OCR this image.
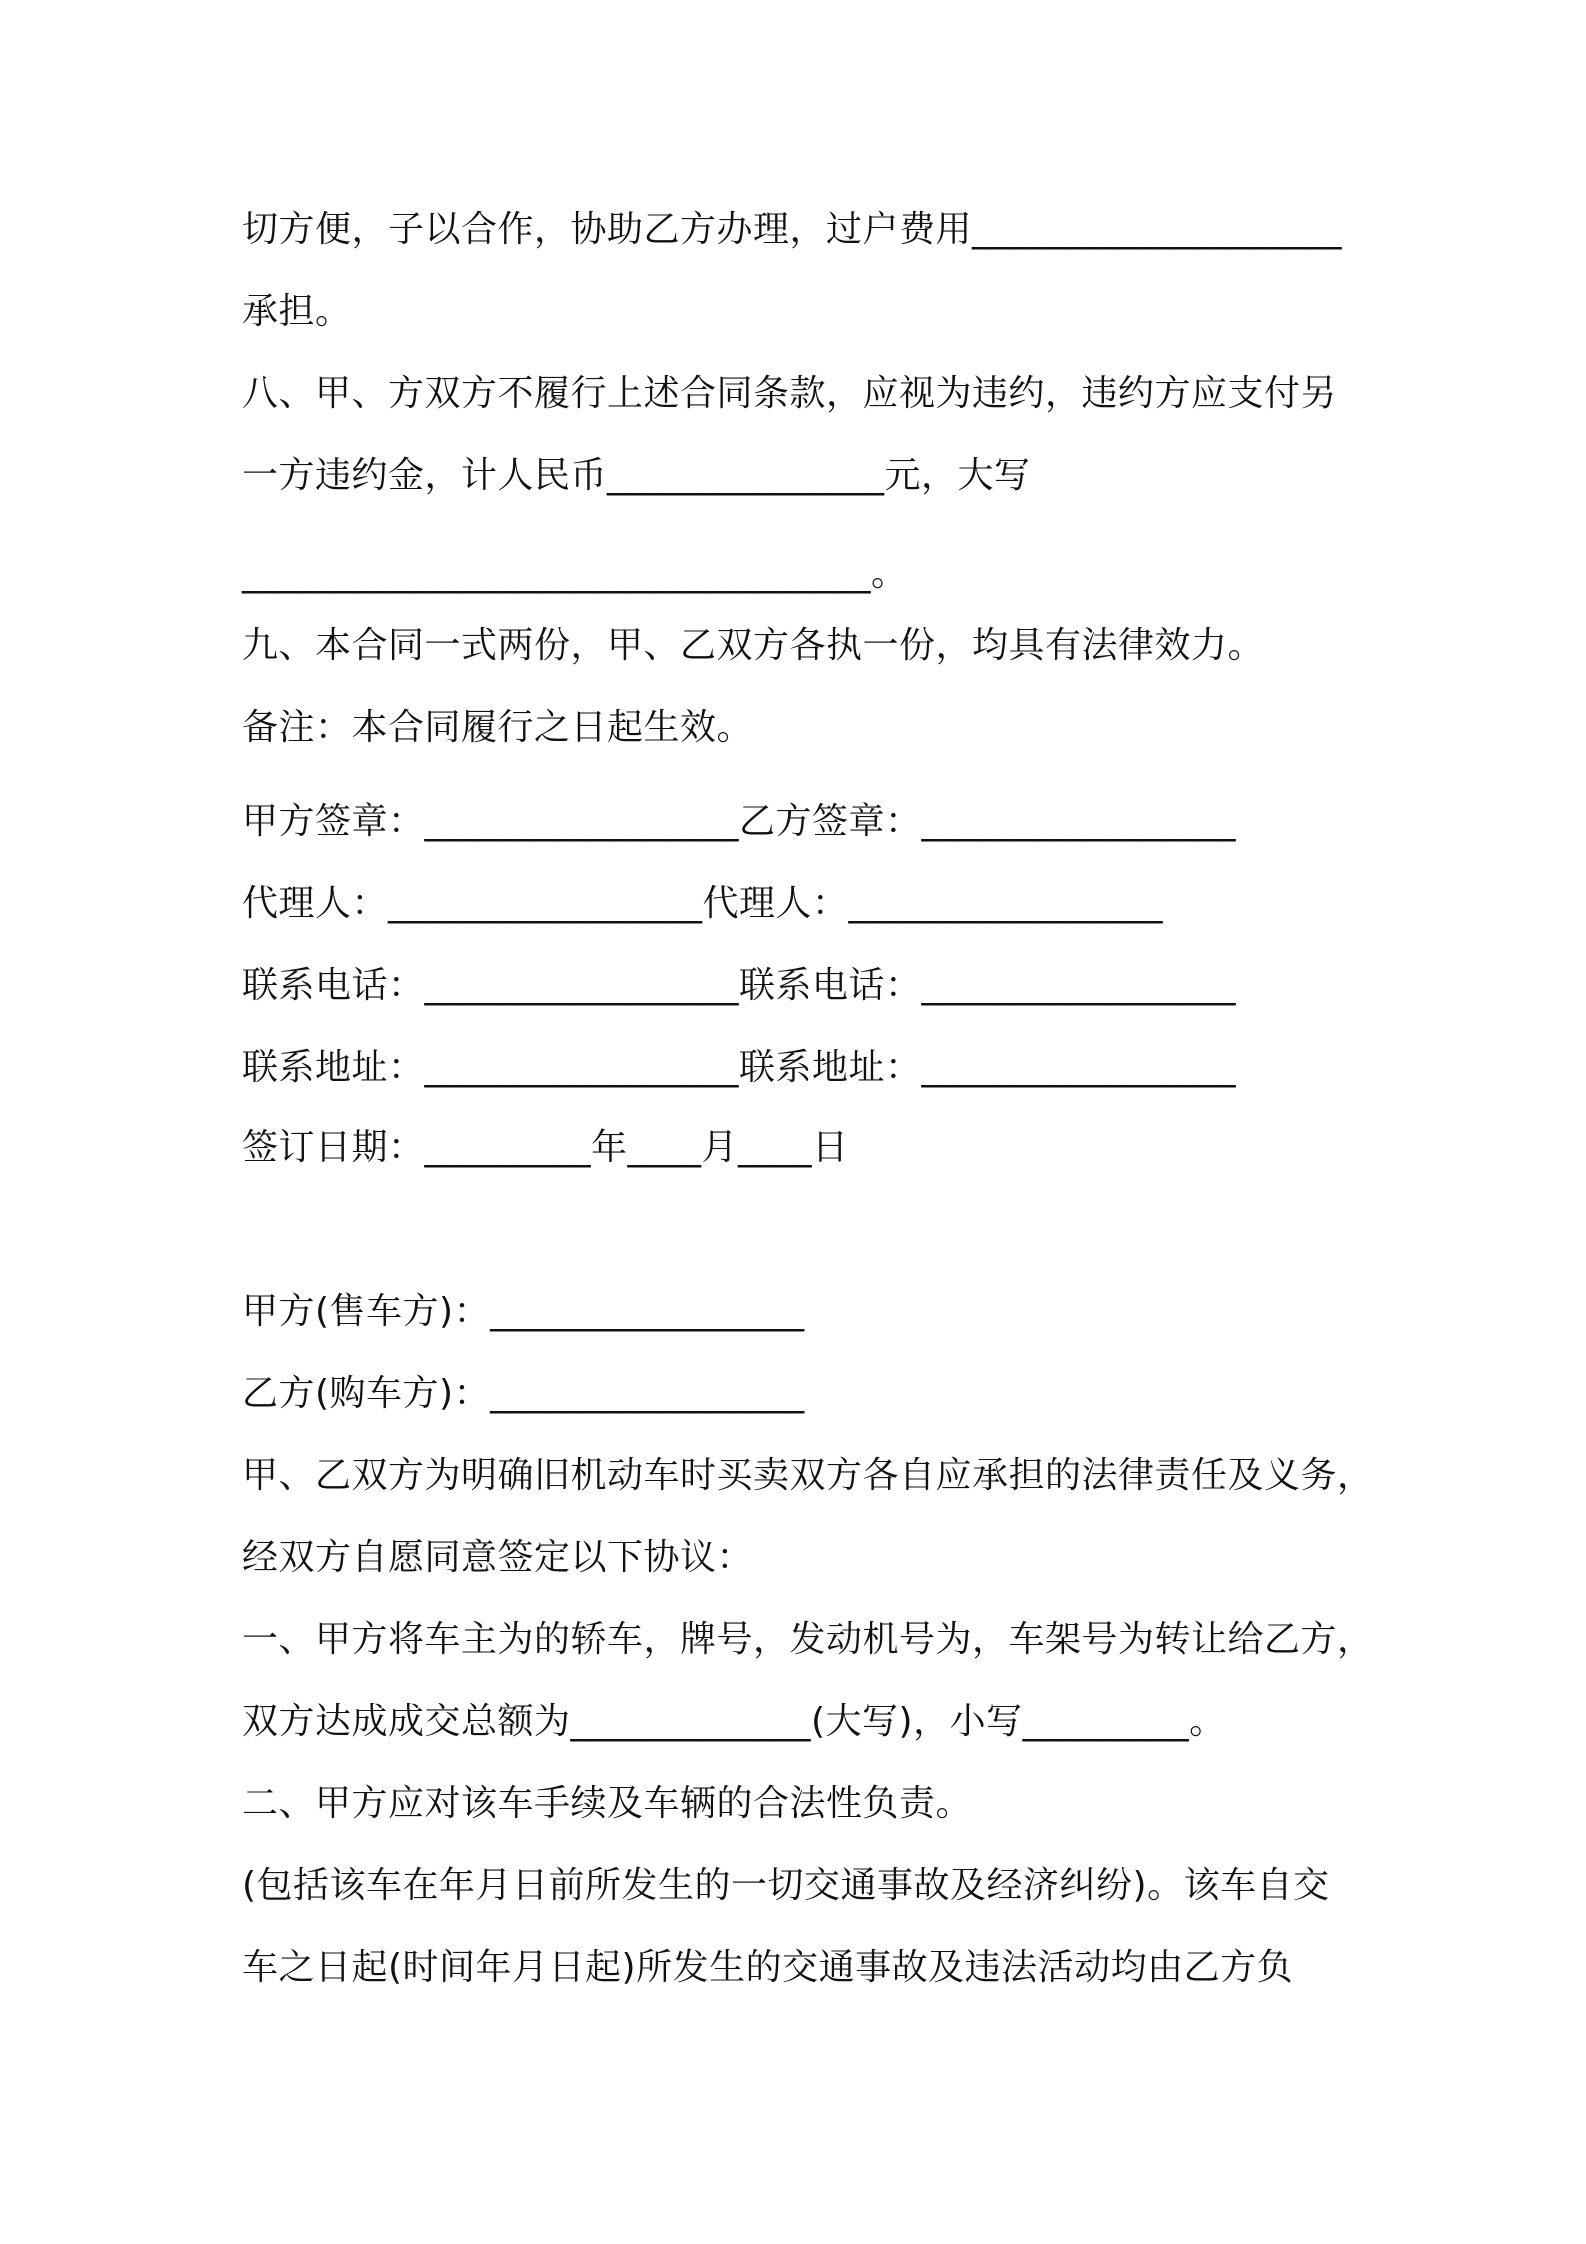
切方便，子以合作，协助乙方办理，过户费用____________________
承担。
八、甲、方双方不履行上述合同条款，应视为违约，违约方应支付另
一方违约金，计人民币_______________元，大写
__________________________________。
九、本合同一式两份，甲、乙双方各执一份，均具有法律效力。
备注：本合同履行之日起生效。
甲方签章：_________________乙方签章：_________________
代理人：_________________代理人：_________________
联系电话：_________________联系电话：_________________
联系地址：_________________联系地址：_________________
签订日期：_________年____月____日
甲方(售车方)：_________________
乙方(购车方)：_________________
甲、乙双方为明确旧机动车时买卖双方各自应承担的法律责任及义务，
经双方自愿同意签定以下协议：
一、甲方将车主为的轿车，牌号，发动机号为，车架号为转让给乙方，
双方达成成交总额为_____________(大写)，小写_________。
二、甲方应对该车手续及车辆的合法性负责。
(包括该车在年月日前所发生的一切交通事故及经济纠纷)。该车自交
车之日起(时间年月日起)所发生的交通事故及违法活动均由乙方负
